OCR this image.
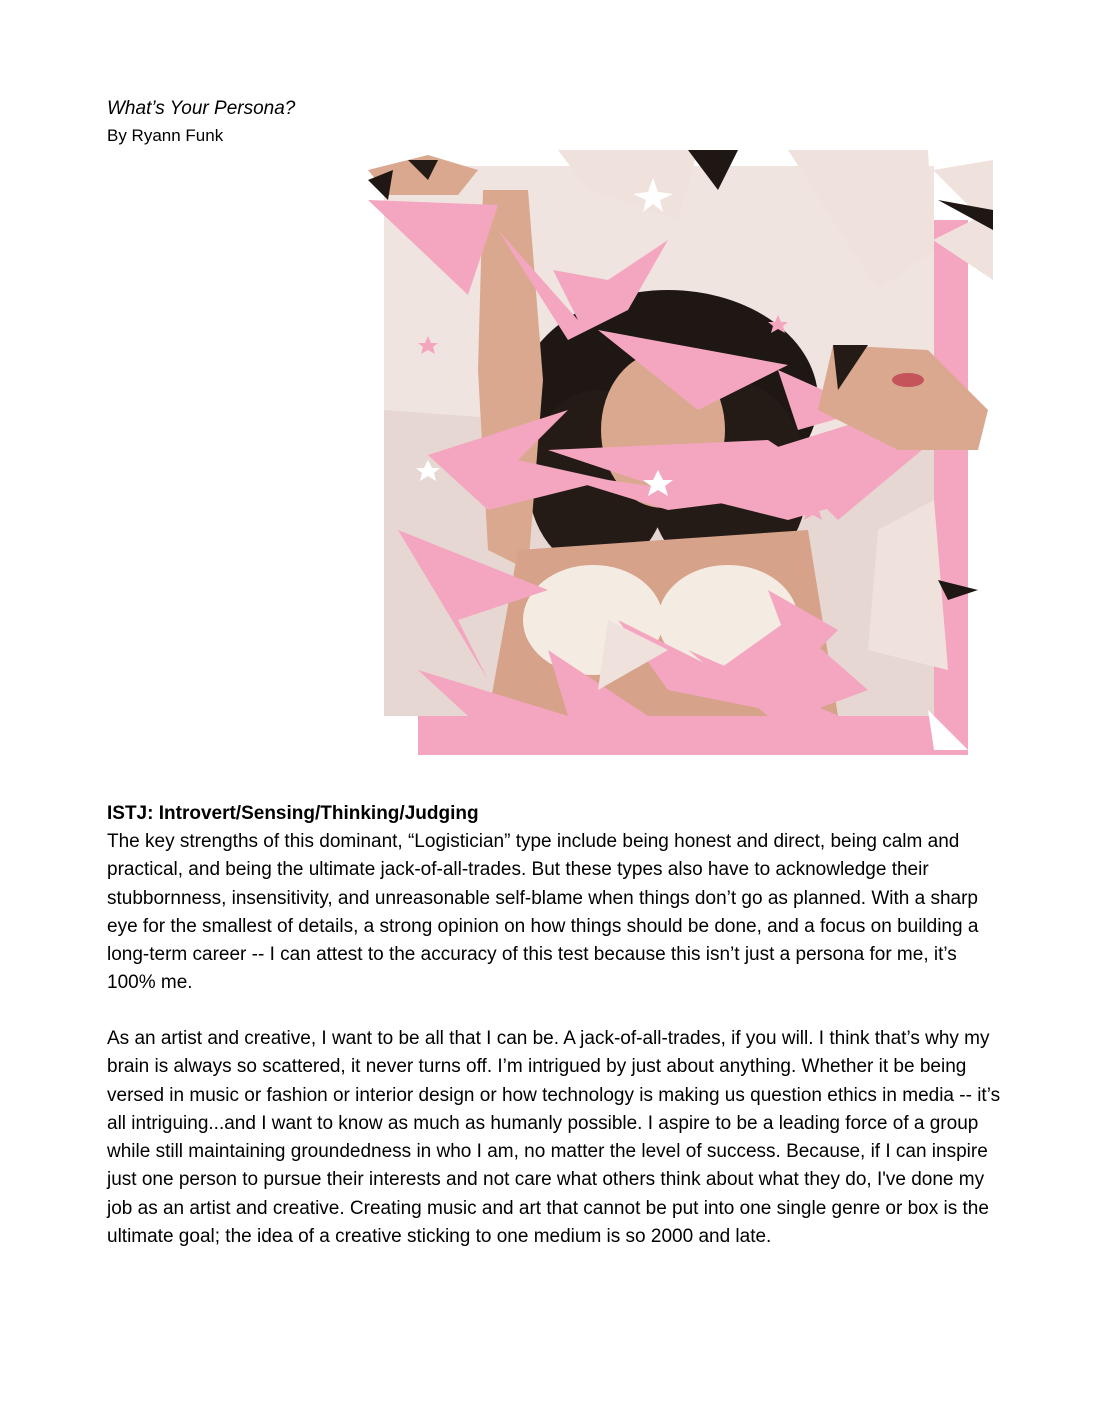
What’s Your Persona?

By Ryann Funk

ISTJ: Introvert/Sensing/Thinking/Judging

The key strengths of this dominant, “Logistician” type include being honest and direct, being calm and practical, and being the ultimate jack-of-all-trades. But these types also have to acknowledge their stubbornness, insensitivity, and unreasonable self-blame when things don’t go as planned. With a sharp eye for the smallest of details, a strong opinion on how things should be done, and a focus on building a long-term career -- I can attest to the accuracy of this test because this isn’t just a persona for me, it’s 100% me.

As an artist and creative, I want to be all that I can be. A jack-of-all-trades, if you will. I think that’s why my brain is always so scattered, it never turns off. I’m intrigued by just about anything. Whether it be being versed in music or fashion or interior design or how technology is making us question ethics in media -- it’s all intriguing...and I want to know as much as humanly possible. I aspire to be a leading force of a group while still maintaining groundedness in who I am, no matter the level of success. Because, if I can inspire just one person to pursue their interests and not care what others think about what they do, I've done my job as an artist and creative. Creating music and art that cannot be put into one single genre or box is the ultimate goal; the idea of a creative sticking to one medium is so 2000 and late.
